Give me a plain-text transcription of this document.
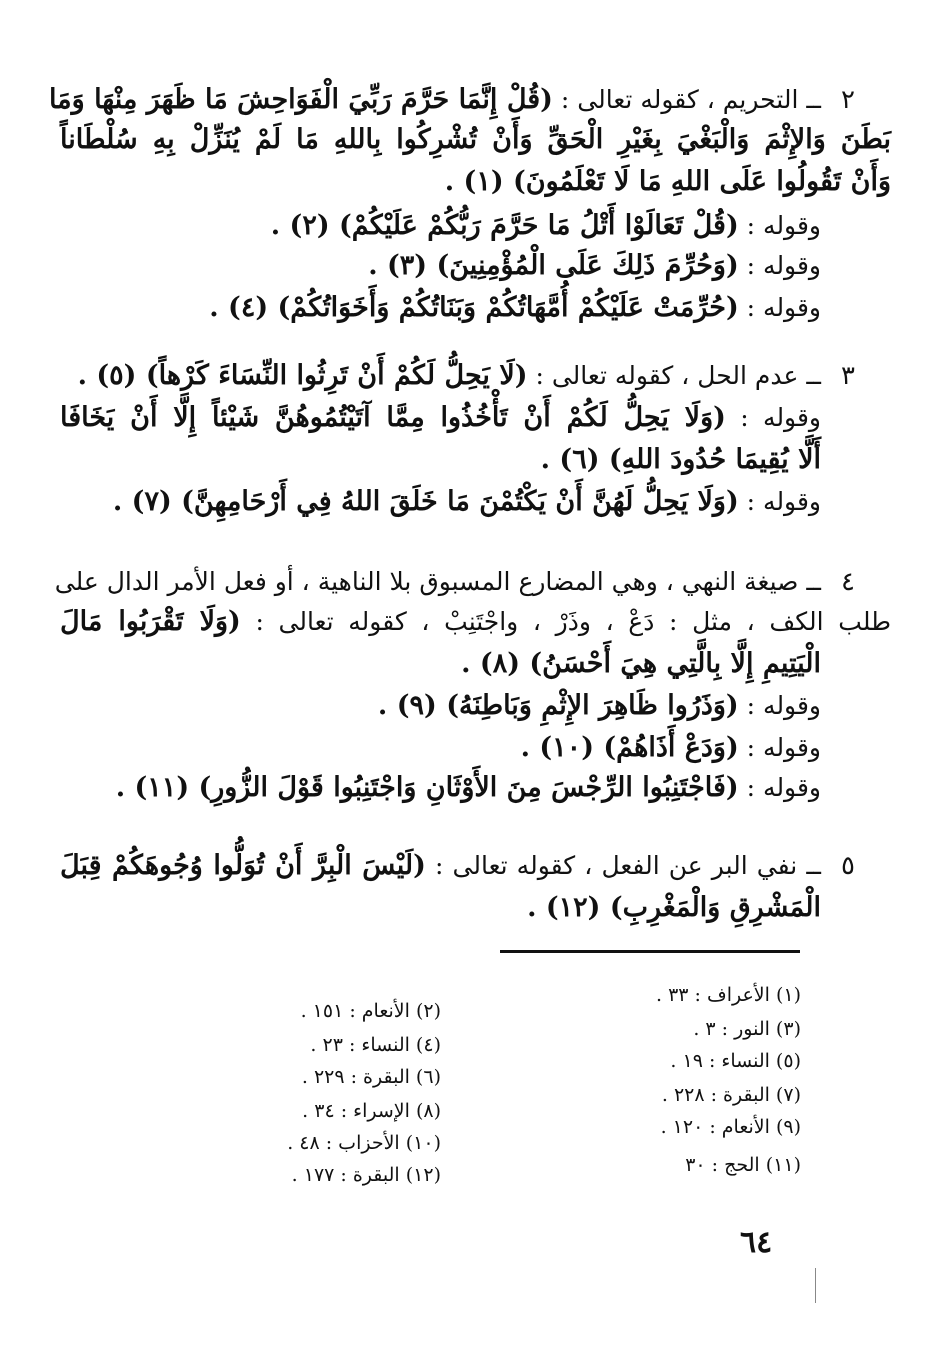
٢
ــ التحريم ، كقوله تعالى : (قُلْ إِنَّمَا حَرَّمَ رَبِّيَ الْفَوَاحِشَ مَا ظَهَرَ مِنْهَا وَمَا
بَطَنَ وَالإِثْمَ وَالْبَغْيَ بِغَيْرِ الْحَقِّ وَأَنْ تُشْرِكُوا بِاللهِ مَا لَمْ يُنَزِّلْ بِهِ سُلْطَاناً
وَأَنْ تَقُولُوا عَلَى اللهِ مَا لَا تَعْلَمُونَ) (١) .
وقوله : (قُلْ تَعَالَوْا أَتْلُ مَا حَرَّمَ رَبُّكُمْ عَلَيْكُمْ) (٢) .
وقوله : (وَحُرِّمَ ذَلِكَ عَلَى الْمُؤْمِنِينَ) (٣) .
وقوله : (حُرِّمَتْ عَلَيْكُمْ أُمَّهَاتُكُمْ وَبَنَاتُكُمْ وَأَخَوَاتُكُمْ) (٤) .
٣
ــ عدم الحل ، كقوله تعالى : (لَا يَحِلُّ لَكُمْ أَنْ تَرِثُوا النِّسَاءَ كَرْهاً) (٥) .
وقوله : (وَلَا يَحِلُّ لَكُمْ أَنْ تَأْخُذُوا مِمَّا آتَيْتُمُوهُنَّ شَيْئاً إِلَّا أَنْ يَخَافَا
أَلَّا يُقِيمَا حُدُودَ اللهِ) (٦) .
وقوله : (وَلَا يَحِلُّ لَهُنَّ أَنْ يَكْتُمْنَ مَا خَلَقَ اللهُ فِي أَرْحَامِهِنَّ) (٧) .
٤
ــ صيغة النهي ، وهي المضارع المسبوق بلا الناهية ، أو فعل الأمر الدال على
طلب الكف ، مثل : دَعْ ، وذَرْ ، واجْتَنِبْ ، كقوله تعالى : (وَلَا تَقْرَبُوا مَالَ
الْيَتِيمِ إِلَّا بِالَّتِي هِيَ أَحْسَنُ) (٨) .
وقوله : (وَذَرُوا ظَاهِرَ الإِثْمِ وَبَاطِنَهُ) (٩) .
وقوله : (وَدَعْ أَذَاهُمْ) (١٠) .
وقوله : (فَاجْتَنِبُوا الرِّجْسَ مِنَ الأَوْثَانِ وَاجْتَنِبُوا قَوْلَ الزُّورِ) (١١) .
٥
ــ نفي البر عن الفعل ، كقوله تعالى : (لَيْسَ الْبِرَّ أَنْ تُوَلُّوا وُجُوهَكُمْ قِبَلَ
الْمَشْرِقِ وَالْمَغْرِبِ) (١٢) .
(١) الأعراف : ٣٣ .
(٣) النور : ٣ .
(٥) النساء : ١٩ .
(٧) البقرة : ٢٢٨ .
(٩) الأنعام : ١٢٠ .
(١١) الحج : ٣٠
(٢) الأنعام : ١٥١ .
(٤) النساء : ٢٣ .
(٦) البقرة : ٢٢٩ .
(٨) الإسراء : ٣٤ .
(١٠) الأحزاب : ٤٨ .
(١٢) البقرة : ١٧٧ .
٦٤
